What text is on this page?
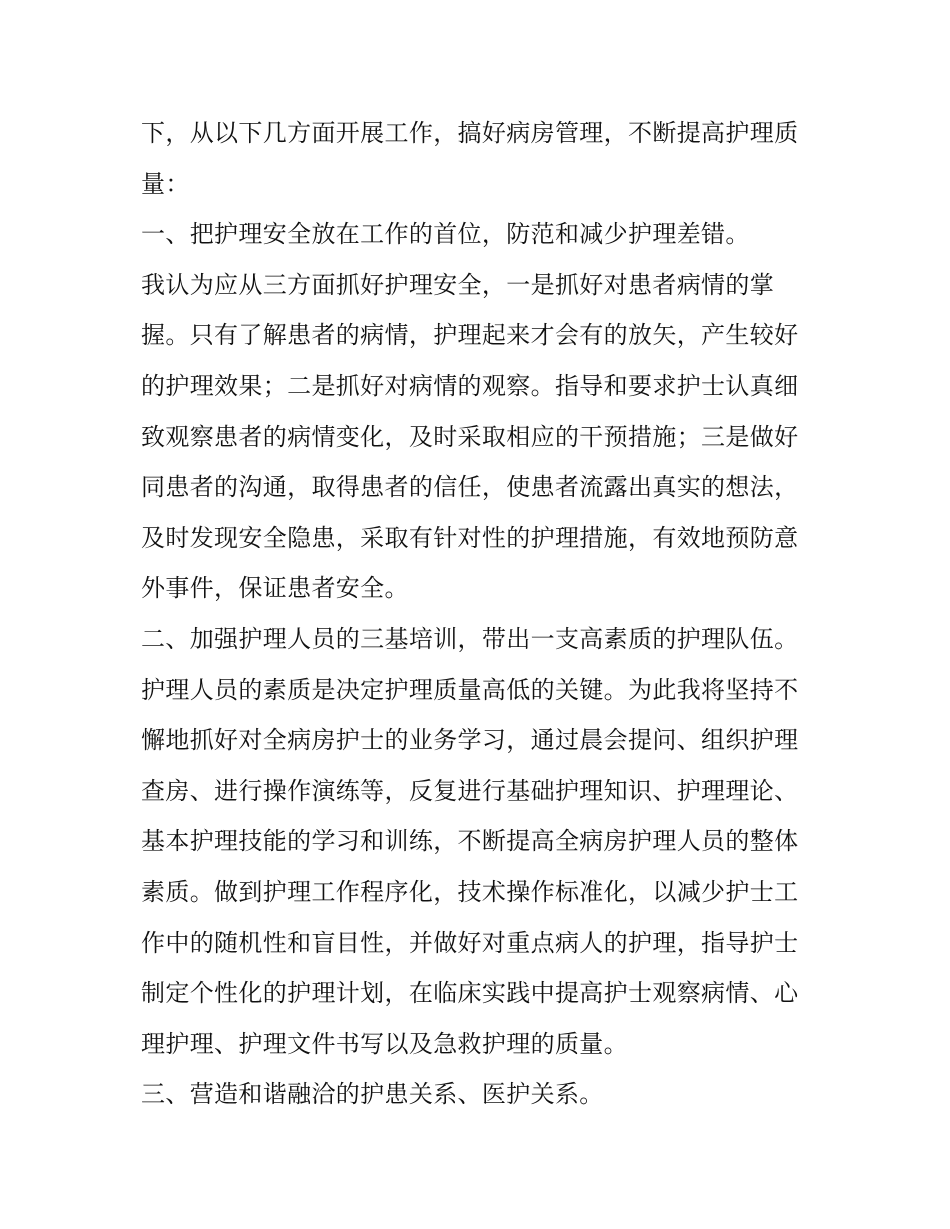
下，从以下几方面开展工作，搞好病房管理，不断提高护理质
量：
一、把护理安全放在工作的首位，防范和减少护理差错。
我认为应从三方面抓好护理安全，一是抓好对患者病情的掌
握。只有了解患者的病情，护理起来才会有的放矢，产生较好
的护理效果；二是抓好对病情的观察。指导和要求护士认真细
致观察患者的病情变化，及时采取相应的干预措施；三是做好
同患者的沟通，取得患者的信任，使患者流露出真实的想法，
及时发现安全隐患，采取有针对性的护理措施，有效地预防意
外事件，保证患者安全。
二、加强护理人员的三基培训，带出一支高素质的护理队伍。
护理人员的素质是决定护理质量高低的关键。为此我将坚持不
懈地抓好对全病房护士的业务学习，通过晨会提问、组织护理
查房、进行操作演练等，反复进行基础护理知识、护理理论、
基本护理技能的学习和训练，不断提高全病房护理人员的整体
素质。做到护理工作程序化，技术操作标准化，以减少护士工
作中的随机性和盲目性，并做好对重点病人的护理，指导护士
制定个性化的护理计划，在临床实践中提高护士观察病情、心
理护理、护理文件书写以及急救护理的质量。
三、营造和谐融洽的护患关系、医护关系。
